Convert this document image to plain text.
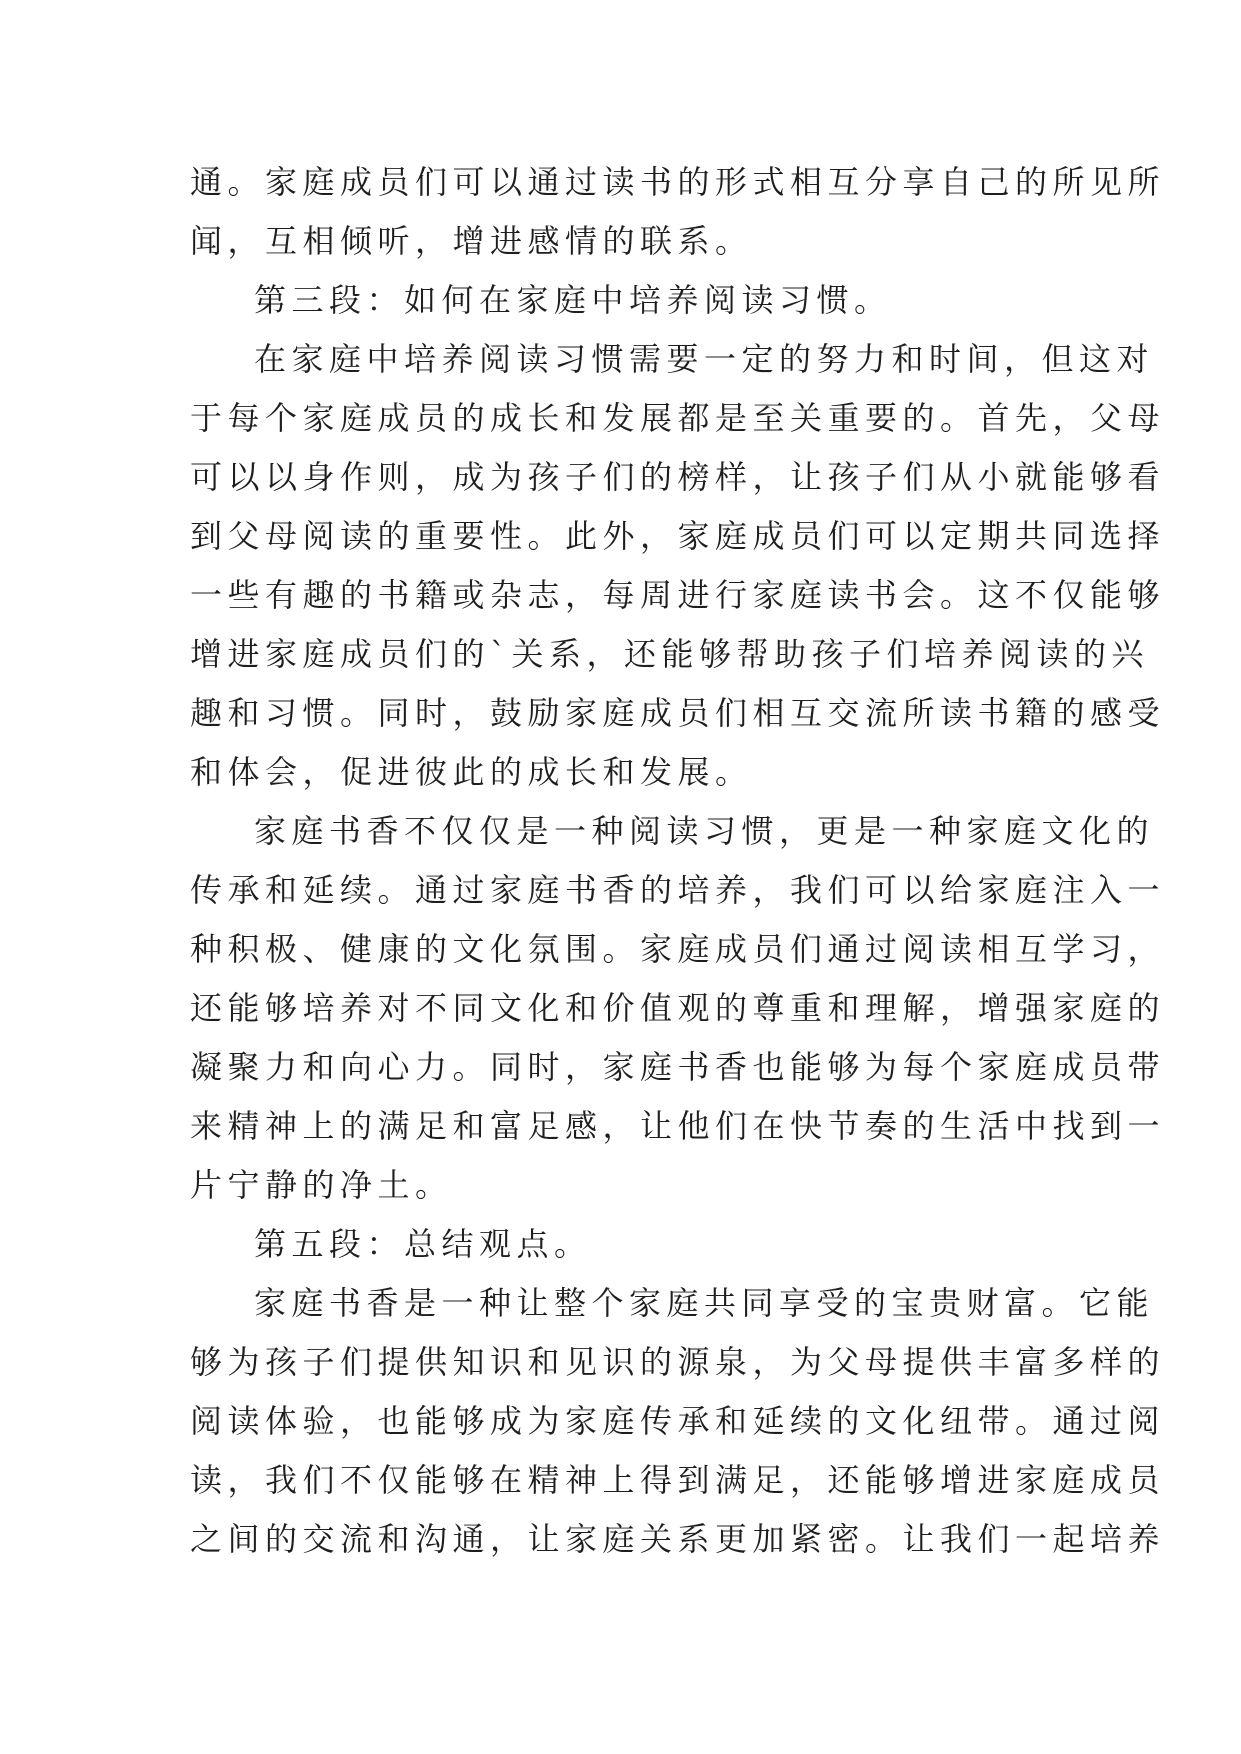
通。家庭成员们可以通过读书的形式相互分享自己的所见所
闻，互相倾听，增进感情的联系。
第三段：如何在家庭中培养阅读习惯。
在家庭中培养阅读习惯需要一定的努力和时间，但这对
于每个家庭成员的成长和发展都是至关重要的。首先，父母
可以以身作则，成为孩子们的榜样，让孩子们从小就能够看
到父母阅读的重要性。此外，家庭成员们可以定期共同选择
一些有趣的书籍或杂志，每周进行家庭读书会。这不仅能够
增进家庭成员们的`关系，还能够帮助孩子们培养阅读的兴
趣和习惯。同时，鼓励家庭成员们相互交流所读书籍的感受
和体会，促进彼此的成长和发展。
家庭书香不仅仅是一种阅读习惯，更是一种家庭文化的
传承和延续。通过家庭书香的培养，我们可以给家庭注入一
种积极、健康的文化氛围。家庭成员们通过阅读相互学习，
还能够培养对不同文化和价值观的尊重和理解，增强家庭的
凝聚力和向心力。同时，家庭书香也能够为每个家庭成员带
来精神上的满足和富足感，让他们在快节奏的生活中找到一
片宁静的净土。
第五段：总结观点。
家庭书香是一种让整个家庭共同享受的宝贵财富。它能
够为孩子们提供知识和见识的源泉，为父母提供丰富多样的
阅读体验，也能够成为家庭传承和延续的文化纽带。通过阅
读，我们不仅能够在精神上得到满足，还能够增进家庭成员
之间的交流和沟通，让家庭关系更加紧密。让我们一起培养
